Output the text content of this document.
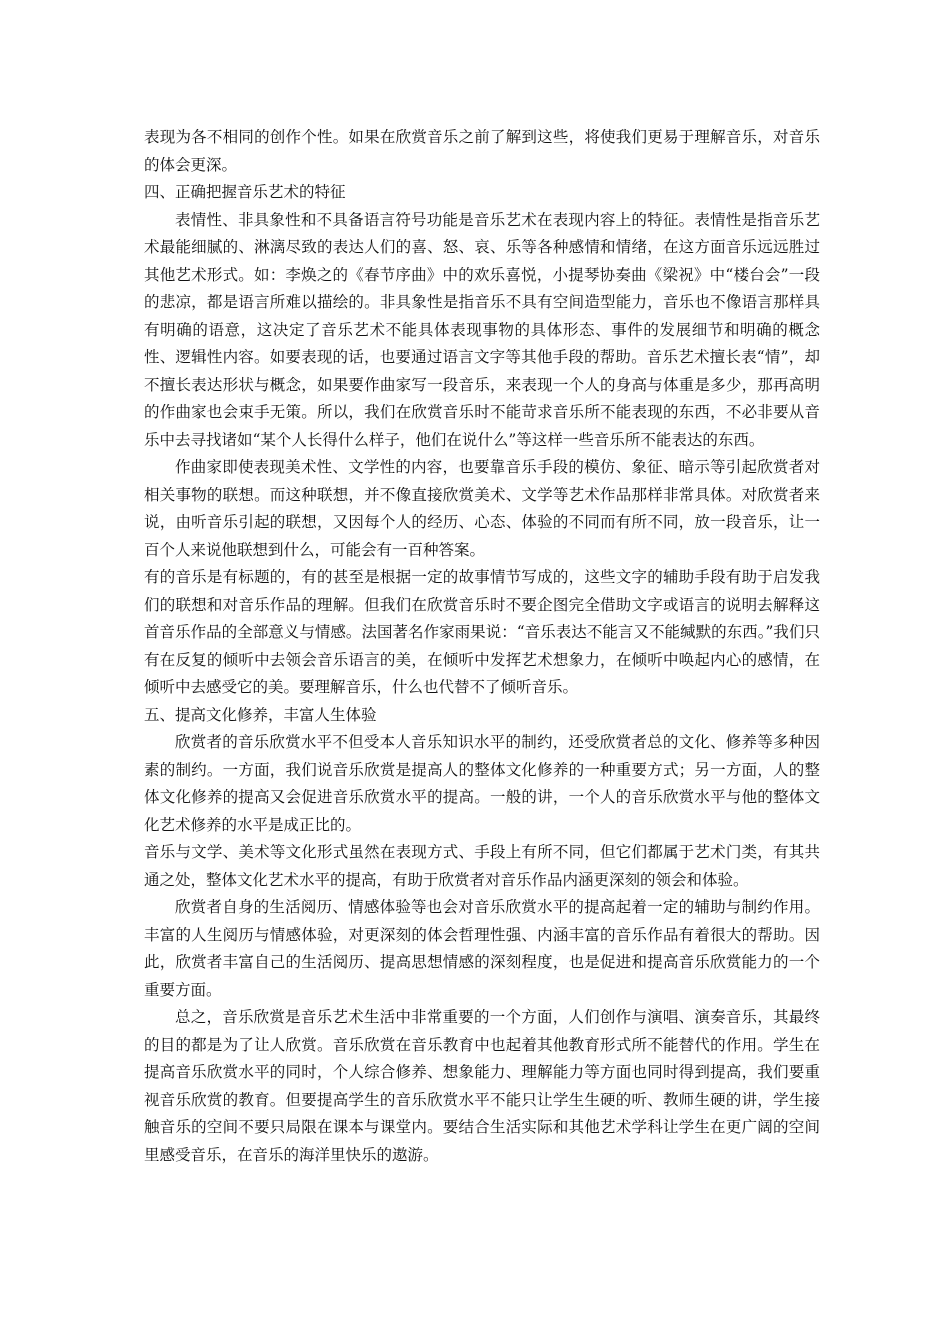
表现为各不相同的创作个性。如果在欣赏音乐之前了解到这些，将使我们更易于理解音乐，对音乐的体会更深。

四、正确把握音乐艺术的特征

表情性、非具象性和不具备语言符号功能是音乐艺术在表现内容上的特征。表情性是指音乐艺术最能细腻的、淋漓尽致的表达人们的喜、怒、哀、乐等各种感情和情绪，在这方面音乐远远胜过其他艺术形式。如：李焕之的《春节序曲》中的欢乐喜悦，小提琴协奏曲《梁祝》中“楼台会”一段的悲凉，都是语言所难以描绘的。非具象性是指音乐不具有空间造型能力，音乐也不像语言那样具有明确的语意，这决定了音乐艺术不能具体表现事物的具体形态、事件的发展细节和明确的概念性、逻辑性内容。如要表现的话，也要通过语言文字等其他手段的帮助。音乐艺术擅长表“情”，却不擅长表达形状与概念，如果要作曲家写一段音乐，来表现一个人的身高与体重是多少，那再高明的作曲家也会束手无策。所以，我们在欣赏音乐时不能苛求音乐所不能表现的东西，不必非要从音乐中去寻找诸如“某个人长得什么样子，他们在说什么”等这样一些音乐所不能表达的东西。

作曲家即使表现美术性、文学性的内容，也要靠音乐手段的模仿、象征、暗示等引起欣赏者对相关事物的联想。而这种联想，并不像直接欣赏美术、文学等艺术作品那样非常具体。对欣赏者来说，由听音乐引起的联想，又因每个人的经历、心态、体验的不同而有所不同，放一段音乐，让一百个人来说他联想到什么，可能会有一百种答案。

有的音乐是有标题的，有的甚至是根据一定的故事情节写成的，这些文字的辅助手段有助于启发我们的联想和对音乐作品的理解。但我们在欣赏音乐时不要企图完全借助文字或语言的说明去解释这首音乐作品的全部意义与情感。法国著名作家雨果说：“音乐表达不能言又不能缄默的东西。”我们只有在反复的倾听中去领会音乐语言的美，在倾听中发挥艺术想象力，在倾听中唤起内心的感情，在倾听中去感受它的美。要理解音乐，什么也代替不了倾听音乐。

五、提高文化修养，丰富人生体验

欣赏者的音乐欣赏水平不但受本人音乐知识水平的制约，还受欣赏者总的文化、修养等多种因素的制约。一方面，我们说音乐欣赏是提高人的整体文化修养的一种重要方式；另一方面，人的整体文化修养的提高又会促进音乐欣赏水平的提高。一般的讲，一个人的音乐欣赏水平与他的整体文化艺术修养的水平是成正比的。

音乐与文学、美术等文化形式虽然在表现方式、手段上有所不同，但它们都属于艺术门类，有其共通之处，整体文化艺术水平的提高，有助于欣赏者对音乐作品内涵更深刻的领会和体验。

欣赏者自身的生活阅历、情感体验等也会对音乐欣赏水平的提高起着一定的辅助与制约作用。丰富的人生阅历与情感体验，对更深刻的体会哲理性强、内涵丰富的音乐作品有着很大的帮助。因此，欣赏者丰富自己的生活阅历、提高思想情感的深刻程度，也是促进和提高音乐欣赏能力的一个重要方面。

总之，音乐欣赏是音乐艺术生活中非常重要的一个方面，人们创作与演唱、演奏音乐，其最终的目的都是为了让人欣赏。音乐欣赏在音乐教育中也起着其他教育形式所不能替代的作用。学生在提高音乐欣赏水平的同时，个人综合修养、想象能力、理解能力等方面也同时得到提高，我们要重视音乐欣赏的教育。但要提高学生的音乐欣赏水平不能只让学生生硬的听、教师生硬的讲，学生接触音乐的空间不要只局限在课本与课堂内。要结合生活实际和其他艺术学科让学生在更广阔的空间里感受音乐，在音乐的海洋里快乐的遨游。
